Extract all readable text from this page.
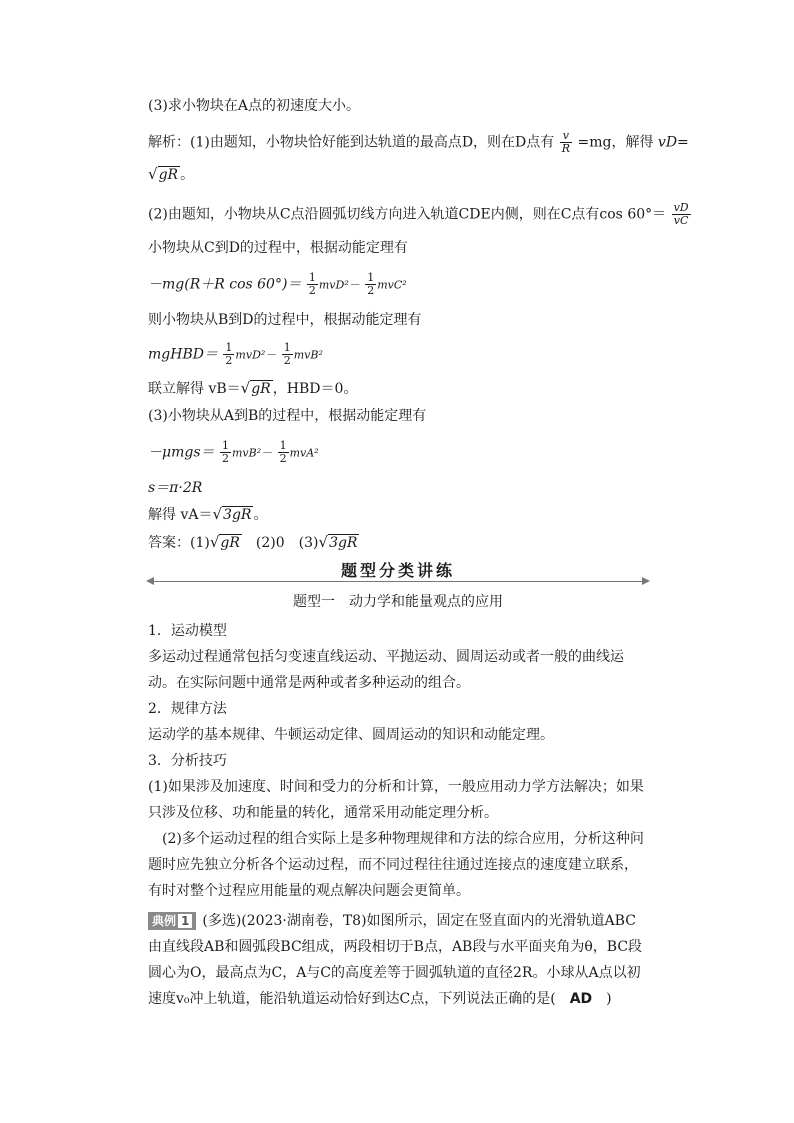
(3)求小物块在A点的初速度大小。
解析：(1)由题知，小物块恰好能到达轨道的最高点D，则在D点有 $\frac{v}{R} =mg$，解得 vD=
√gR 。
(2)由题知，小物块从C点沿圆弧切线方向进入轨道CDE内侧，则在C点有$\cos 60^\circ= \frac{vD}{vC}$
小物块从C到D的过程中，根据动能定理有
－mg(R＋R $\cos 60^\circ)= \frac{1}{2} mvD^2- \frac{1}{2} mvC^2$
则小物块从B到D的过程中，根据动能定理有
mgHBD＝ $\frac{1}{2} mvD^2- \frac{1}{2} mvB^2$
联立解得 vB＝√gR ，HBD＝0。
(3)小物块从A到B的过程中，根据动能定理有
$-\mu mgs= \frac{1}{2} mvB^2- \frac{1}{2} mvA^2$
s＝π·2R
解得 vA＝√3gR 。
答案：(1)√gR　(2)0　(3)√3gR
题型分类讲练
题型一　动力学和能量观点的应用

1．运动模型

多运动过程通常包括匀变速直线运动、平抛运动、圆周运动或者一般的曲线运动。在实际问题中通常是两种或者多种运动的组合。

2．规律方法

运动学的基本规律、牛顿运动定律、圆周运动的知识和动能定理。

3．分析技巧

(1)如果涉及加速度、时间和受力的分析和计算，一般应用动力学方法解决；如果只涉及位移、功和能量的转化，通常采用动能定理分析。

(2)多个运动过程的组合实际上是多种物理规律和方法的综合应用，分析这种问题时应先独立分析各个运动过程，而不同过程往往通过连接点的速度建立联系，有时对整个过程应用能量的观点解决问题会更简单。

典例 1 (多选)(2023·湖南卷，T8)如图所示，固定在竖直面内的光滑轨道ABC由直线段AB和圆弧段BC组成，两段相切于B点，AB段与水平面夹角为θ，BC段圆心为O，最高点为C，A与C的高度差等于圆弧轨道的直径2R。小球从A点以初速度v₀冲上轨道，能沿轨道运动恰好到达C点，下列说法正确的是(　AD　)
